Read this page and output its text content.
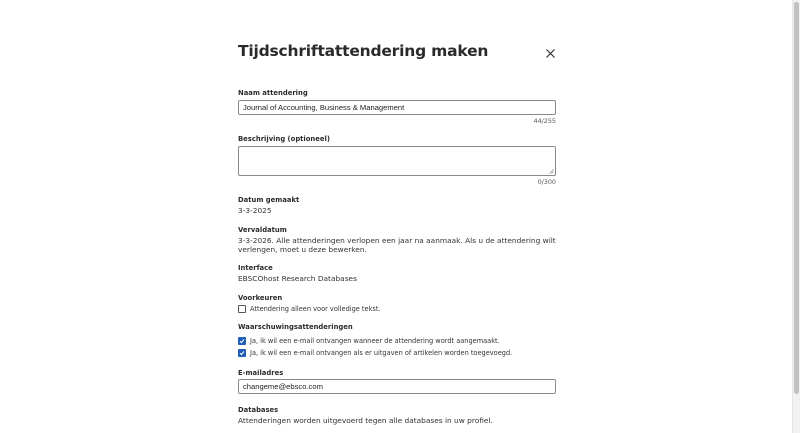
Tijdschriftattendering maken
Naam attendering
Journal of Accounting, Business & Management
44/255
Beschrijving (optioneel)
0/300
Datum gemaakt
3-3-2025
Vervaldatum
3-3-2026. Alle attenderingen verlopen een jaar na aanmaak. Als u de attendering wilt verlengen, moet u deze bewerken.
Interface
EBSCOhost Research Databases
Voorkeuren
Attendering alleen voor volledige tekst.
Waarschuwingsattenderingen
Ja, ik wil een e-mail ontvangen wanneer de attendering wordt aangemaakt.
Ja, ik wil een e-mail ontvangen als er uitgaven of artikelen worden toegevoegd.
E-mailadres
changeme@ebsco.com
Databases
Attenderingen worden uitgevoerd tegen alle databases in uw profiel.
